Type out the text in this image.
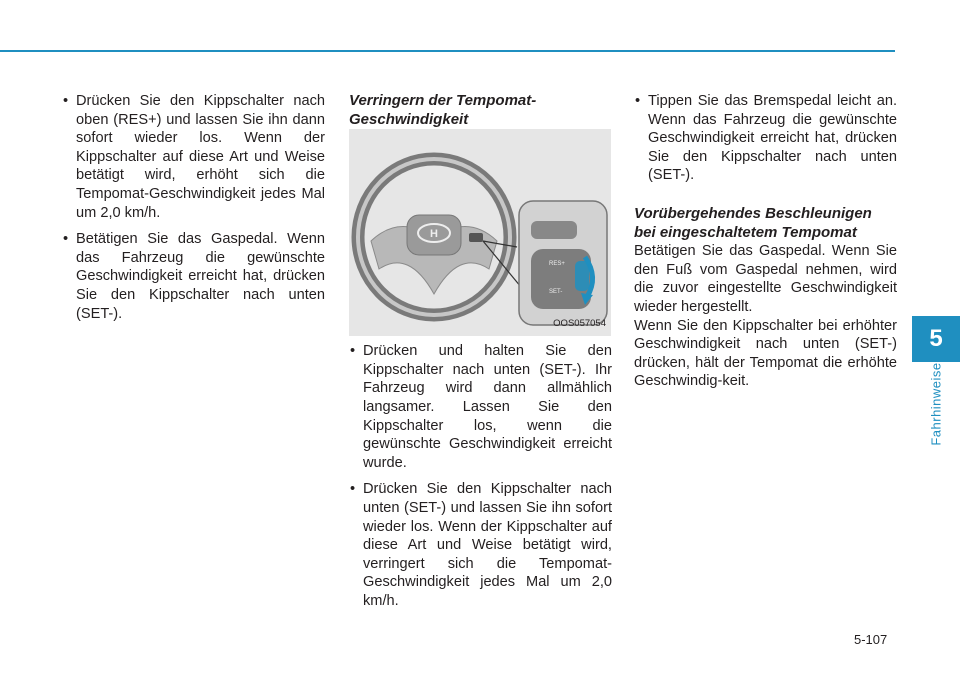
• Drücken Sie den Kippschalter nach oben (RES+) und lassen Sie ihn dann sofort wieder los. Wenn der Kippschalter auf diese Art und Weise betätigt wird, erhöht sich die Tempomat-Geschwindigkeit jedes Mal um 2,0 km/h.
• Betätigen Sie das Gaspedal. Wenn das Fahrzeug die gewünschte Geschwindigkeit erreicht hat, drücken Sie den Kippschalter nach unten (SET-).

Verringern der Tempomat-Geschwindigkeit

H
RES+
SET-
OOS057054
• Drücken und halten Sie den Kippschalter nach unten (SET-). Ihr Fahrzeug wird dann allmählich langsamer. Lassen Sie den Kippschalter los, wenn die gewünschte Geschwindigkeit erreicht wurde.
• Drücken Sie den Kippschalter nach unten (SET-) und lassen Sie ihn sofort wieder los. Wenn der Kippschalter auf diese Art und Weise betätigt wird, verringert sich die Tempomat-Geschwindigkeit jedes Mal um 2,0 km/h.
• Tippen Sie das Bremspedal leicht an. Wenn das Fahrzeug die gewünschte Geschwindigkeit erreicht hat, drücken Sie den Kippschalter nach unten (SET-).

Vorübergehendes Beschleunigen bei eingeschaltetem Tempomat

Betätigen Sie das Gaspedal. Wenn Sie den Fuß vom Gaspedal nehmen, wird die zuvor eingestellte Geschwindigkeit wieder hergestellt.

Wenn Sie den Kippschalter bei erhöhter Geschwindigkeit nach unten (SET-) drücken, hält der Tempomat die erhöhte Geschwindig-keit.

5
Fahrhinweise
5-107
